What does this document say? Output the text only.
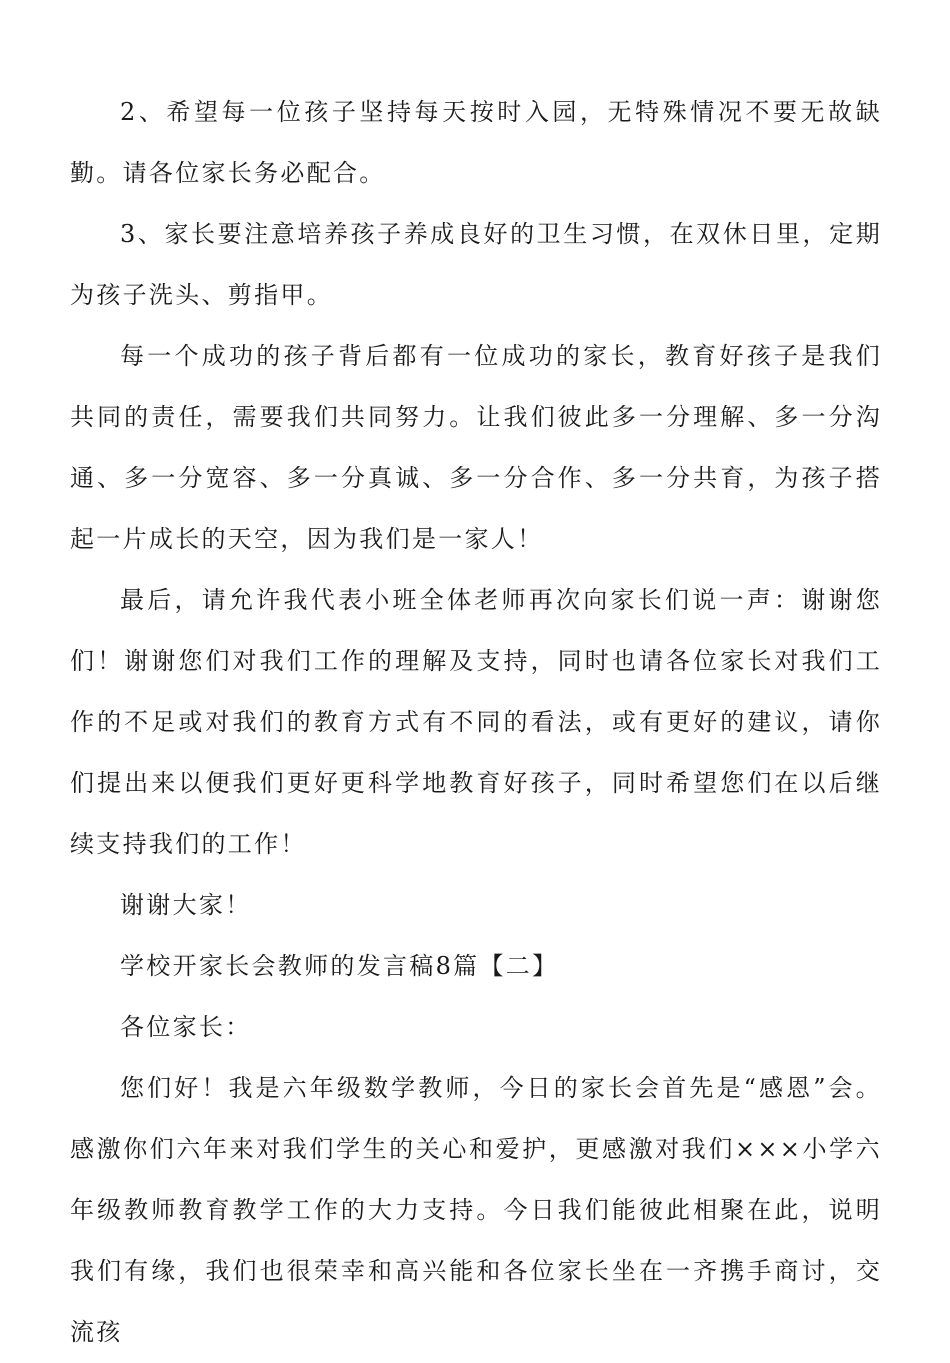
2、希望每一位孩子坚持每天按时入园，无特殊情况不要无故缺勤。请各位家长务必配合。

3、家长要注意培养孩子养成良好的卫生习惯，在双休日里，定期为孩子洗头、剪指甲。

每一个成功的孩子背后都有一位成功的家长，教育好孩子是我们共同的责任，需要我们共同努力。让我们彼此多一分理解、多一分沟通、多一分宽容、多一分真诚、多一分合作、多一分共育，为孩子搭起一片成长的天空，因为我们是一家人！

最后，请允许我代表小班全体老师再次向家长们说一声：谢谢您们！谢谢您们对我们工作的理解及支持，同时也请各位家长对我们工作的不足或对我们的教育方式有不同的看法，或有更好的建议，请你们提出来以便我们更好更科学地教育好孩子，同时希望您们在以后继续支持我们的工作！

谢谢大家！

学校开家长会教师的发言稿8篇【二】

各位家长：

您们好！我是六年级数学教师，今日的家长会首先是“感恩”会。感激你们六年来对我们学生的关心和爱护，更感激对我们×××小学六年级教师教育教学工作的大力支持。今日我们能彼此相聚在此，说明我们有缘，我们也很荣幸和高兴能和各位家长坐在一齐携手商讨，交流孩
